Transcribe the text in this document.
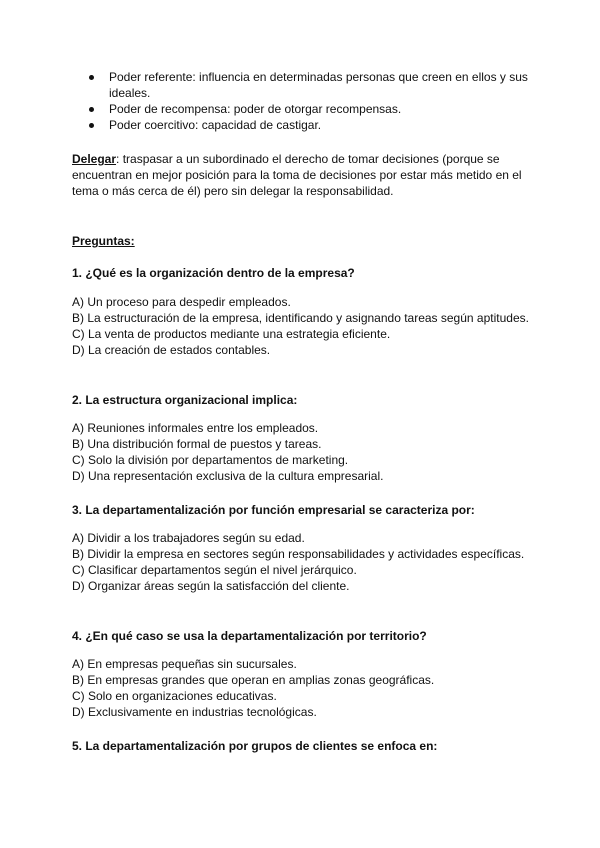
Poder referente: influencia en determinadas personas que creen en ellos y sus ideales.
Poder de recompensa: poder de otorgar recompensas.
Poder coercitivo: capacidad de castigar.

Delegar: traspasar a un subordinado el derecho de tomar decisiones (porque se encuentran en mejor posición para la toma de decisiones por estar más metido en el tema o más cerca de él) pero sin delegar la responsabilidad.

Preguntas:

1. ¿Qué es la organización dentro de la empresa?

A) Un proceso para despedir empleados.
B) La estructuración de la empresa, identificando y asignando tareas según aptitudes.
C) La venta de productos mediante una estrategia eficiente.
D) La creación de estados contables.

2. La estructura organizacional implica:

A) Reuniones informales entre los empleados.
B) Una distribución formal de puestos y tareas.
C) Solo la división por departamentos de marketing.
D) Una representación exclusiva de la cultura empresarial.

3. La departamentalización por función empresarial se caracteriza por:

A) Dividir a los trabajadores según su edad.
B) Dividir la empresa en sectores según responsabilidades y actividades específicas.
C) Clasificar departamentos según el nivel jerárquico.
D) Organizar áreas según la satisfacción del cliente.

4. ¿En qué caso se usa la departamentalización por territorio?

A) En empresas pequeñas sin sucursales.
B) En empresas grandes que operan en amplias zonas geográficas.
C) Solo en organizaciones educativas.
D) Exclusivamente en industrias tecnológicas.

5. La departamentalización por grupos de clientes se enfoca en:
